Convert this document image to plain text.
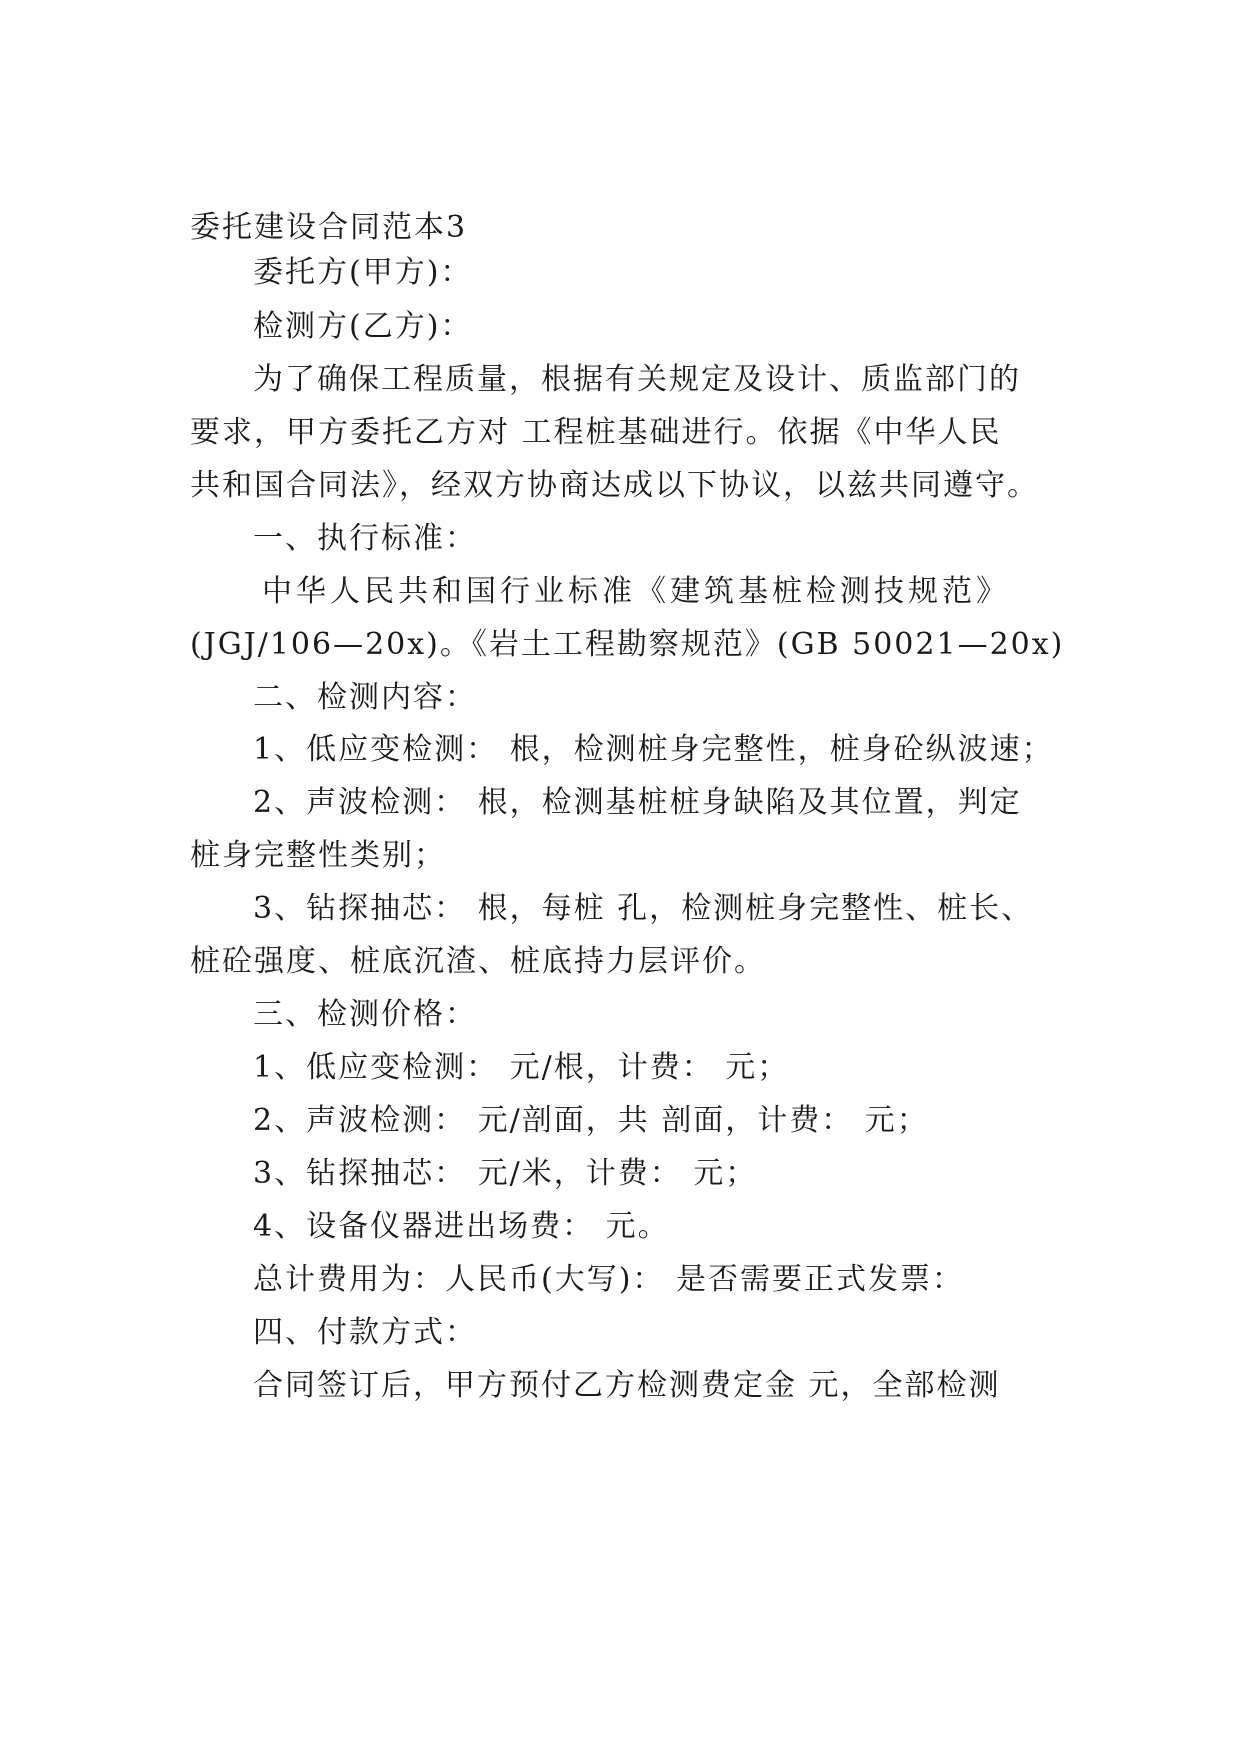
委托建设合同范本3
委托方(甲方)：
检测方(乙方)：
为了确保工程质量，根据有关规定及设计、质监部门的
要求，甲方委托乙方对 工程桩基础进行。依据《中华人民
共和国合同法》，经双方协商达成以下协议，以兹共同遵守。
一、执行标准：
中华人民共和国行业标准《建筑基桩检测技规范》
(JGJ/106—20x)。《岩土工程勘察规范》(GB 50021—20x)
二、检测内容：
1、低应变检测： 根，检测桩身完整性，桩身砼纵波速；
2、声波检测： 根，检测基桩桩身缺陷及其位置，判定
桩身完整性类别；
3、钻探抽芯： 根，每桩 孔，检测桩身完整性、桩长、
桩砼强度、桩底沉渣、桩底持力层评价。
三、检测价格：
1、低应变检测： 元/根，计费： 元；
2、声波检测： 元/剖面，共 剖面，计费： 元；
3、钻探抽芯： 元/米，计费： 元；
4、设备仪器进出场费： 元。
总计费用为：人民币(大写)： 是否需要正式发票：
四、付款方式：
合同签订后，甲方预付乙方检测费定金 元，全部检测
